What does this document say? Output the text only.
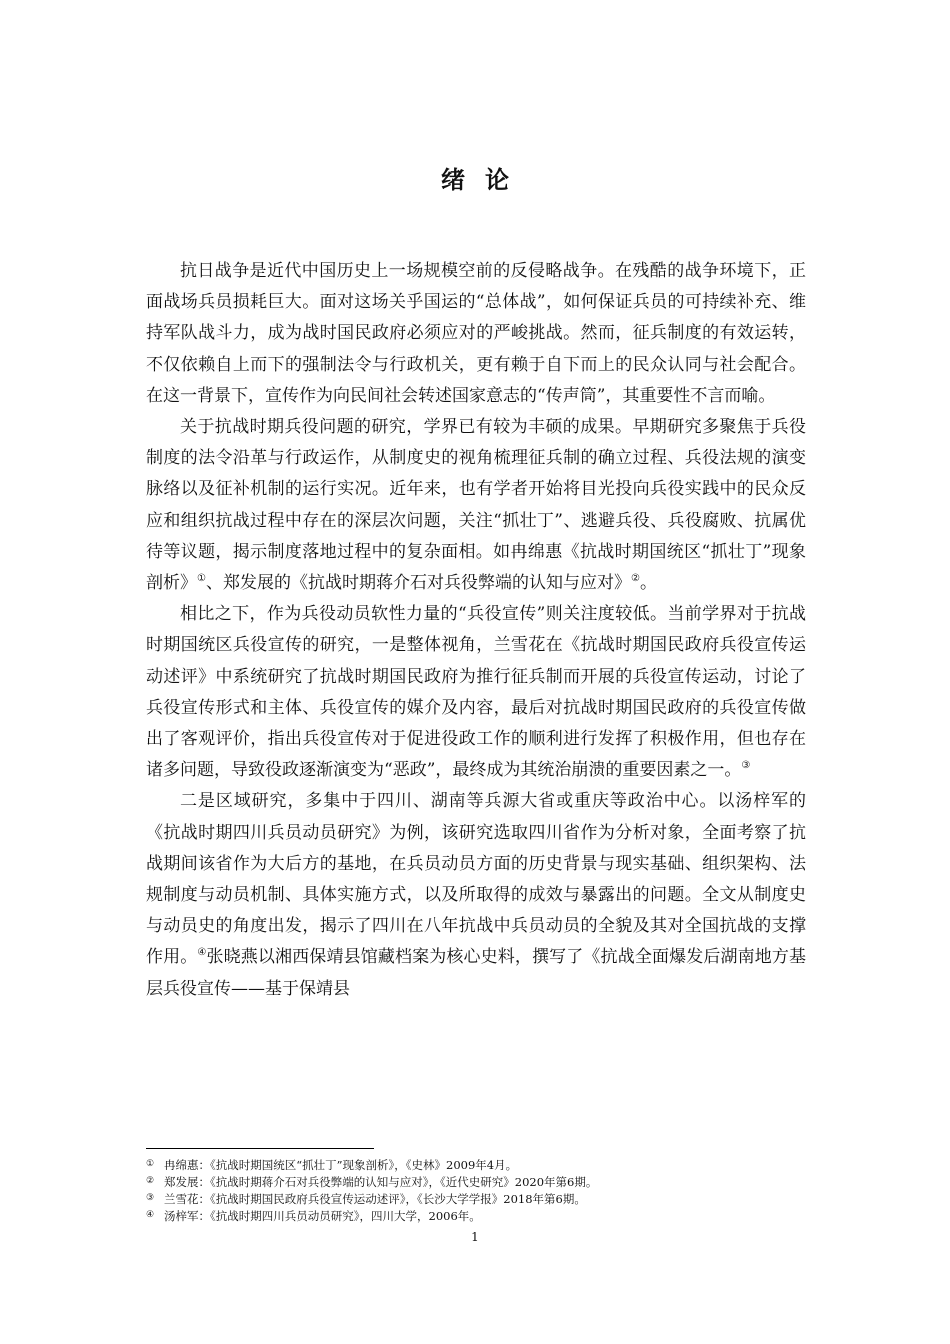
绪论

抗日战争是近代中国历史上一场规模空前的反侵略战争。在残酷的战争环境下，正面战场兵员损耗巨大。面对这场关乎国运的“总体战”，如何保证兵员的可持续补充、维持军队战斗力，成为战时国民政府必须应对的严峻挑战。然而，征兵制度的有效运转，不仅依赖自上而下的强制法令与行政机关，更有赖于自下而上的民众认同与社会配合。在这一背景下，宣传作为向民间社会转述国家意志的“传声筒”，其重要性不言而喻。

关于抗战时期兵役问题的研究，学界已有较为丰硕的成果。早期研究多聚焦于兵役制度的法令沿革与行政运作，从制度史的视角梳理征兵制的确立过程、兵役法规的演变脉络以及征补机制的运行实况。近年来，也有学者开始将目光投向兵役实践中的民众反应和组织抗战过程中存在的深层次问题，关注“抓壮丁”、逃避兵役、兵役腐败、抗属优待等议题，揭示制度落地过程中的复杂面相。如冉绵惠《抗战时期国统区“抓壮丁”现象剖析》①、郑发展的《抗战时期蒋介石对兵役弊端的认知与应对》②。

相比之下，作为兵役动员软性力量的“兵役宣传”则关注度较低。当前学界对于抗战时期国统区兵役宣传的研究，一是整体视角，兰雪花在《抗战时期国民政府兵役宣传运动述评》中系统研究了抗战时期国民政府为推行征兵制而开展的兵役宣传运动，讨论了兵役宣传形式和主体、兵役宣传的媒介及内容，最后对抗战时期国民政府的兵役宣传做出了客观评价，指出兵役宣传对于促进役政工作的顺利进行发挥了积极作用，但也存在诸多问题，导致役政逐渐演变为“恶政”，最终成为其统治崩溃的重要因素之一。③

二是区域研究，多集中于四川、湖南等兵源大省或重庆等政治中心。以汤梓军的《抗战时期四川兵员动员研究》为例，该研究选取四川省作为分析对象，全面考察了抗战期间该省作为大后方的基地，在兵员动员方面的历史背景与现实基础、组织架构、法规制度与动员机制、具体实施方式，以及所取得的成效与暴露出的问题。全文从制度史与动员史的角度出发，揭示了四川在八年抗战中兵员动员的全貌及其对全国抗战的支撑作用。④张晓燕以湘西保靖县馆藏档案为核心史料，撰写了《抗战全面爆发后湖南地方基层兵役宣传——基于保靖县

① 冉绵惠：《抗战时期国统区“抓壮丁”现象剖析》，《史林》2009年4月。
② 郑发展：《抗战时期蒋介石对兵役弊端的认知与应对》，《近代史研究》2020年第6期。
③ 兰雪花：《抗战时期国民政府兵役宣传运动述评》，《长沙大学学报》2018年第6期。
④ 汤梓军：《抗战时期四川兵员动员研究》，四川大学，2006年。
1
